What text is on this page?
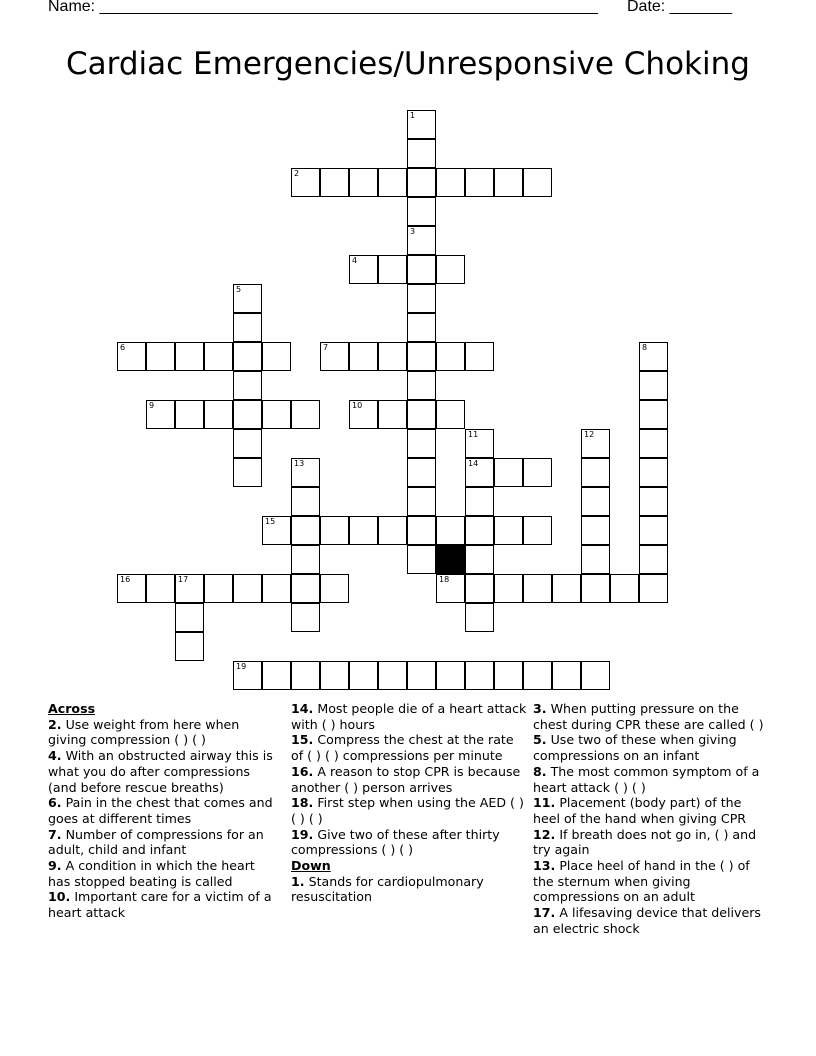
Name: ________________________________________________________ Date: _______
Cardiac Emergencies/Unresponsive Choking
1
2
3
4
5
6	7	8
9	10
11	12
13	14
15
16	17	18
19
Across
2. Use weight from here when giving compression ( ) ( )
4. With an obstructed airway this is what you do after compressions (and before rescue breaths)
6. Pain in the chest that comes and goes at different times
7. Number of compressions for an adult, child and infant
9. A condition in which the heart has stopped beating is called
10. Important care for a victim of a heart attack
14. Most people die of a heart attack with ( ) hours
15. Compress the chest at the rate of ( ) ( ) compressions per minute
16. A reason to stop CPR is because another ( ) person arrives
18. First step when using the AED ( ) ( ) ( )
19. Give two of these after thirty compressions ( ) ( )
Down
1. Stands for cardiopulmonary resuscitation
3. When putting pressure on the chest during CPR these are called ( )
5. Use two of these when giving compressions on an infant
8. The most common symptom of a heart attack ( ) ( )
11. Placement (body part) of the heel of the hand when giving CPR
12. If breath does not go in, ( ) and try again
13. Place heel of hand in the ( ) of the sternum when giving compressions on an adult
17. A lifesaving device that delivers an electric shock
